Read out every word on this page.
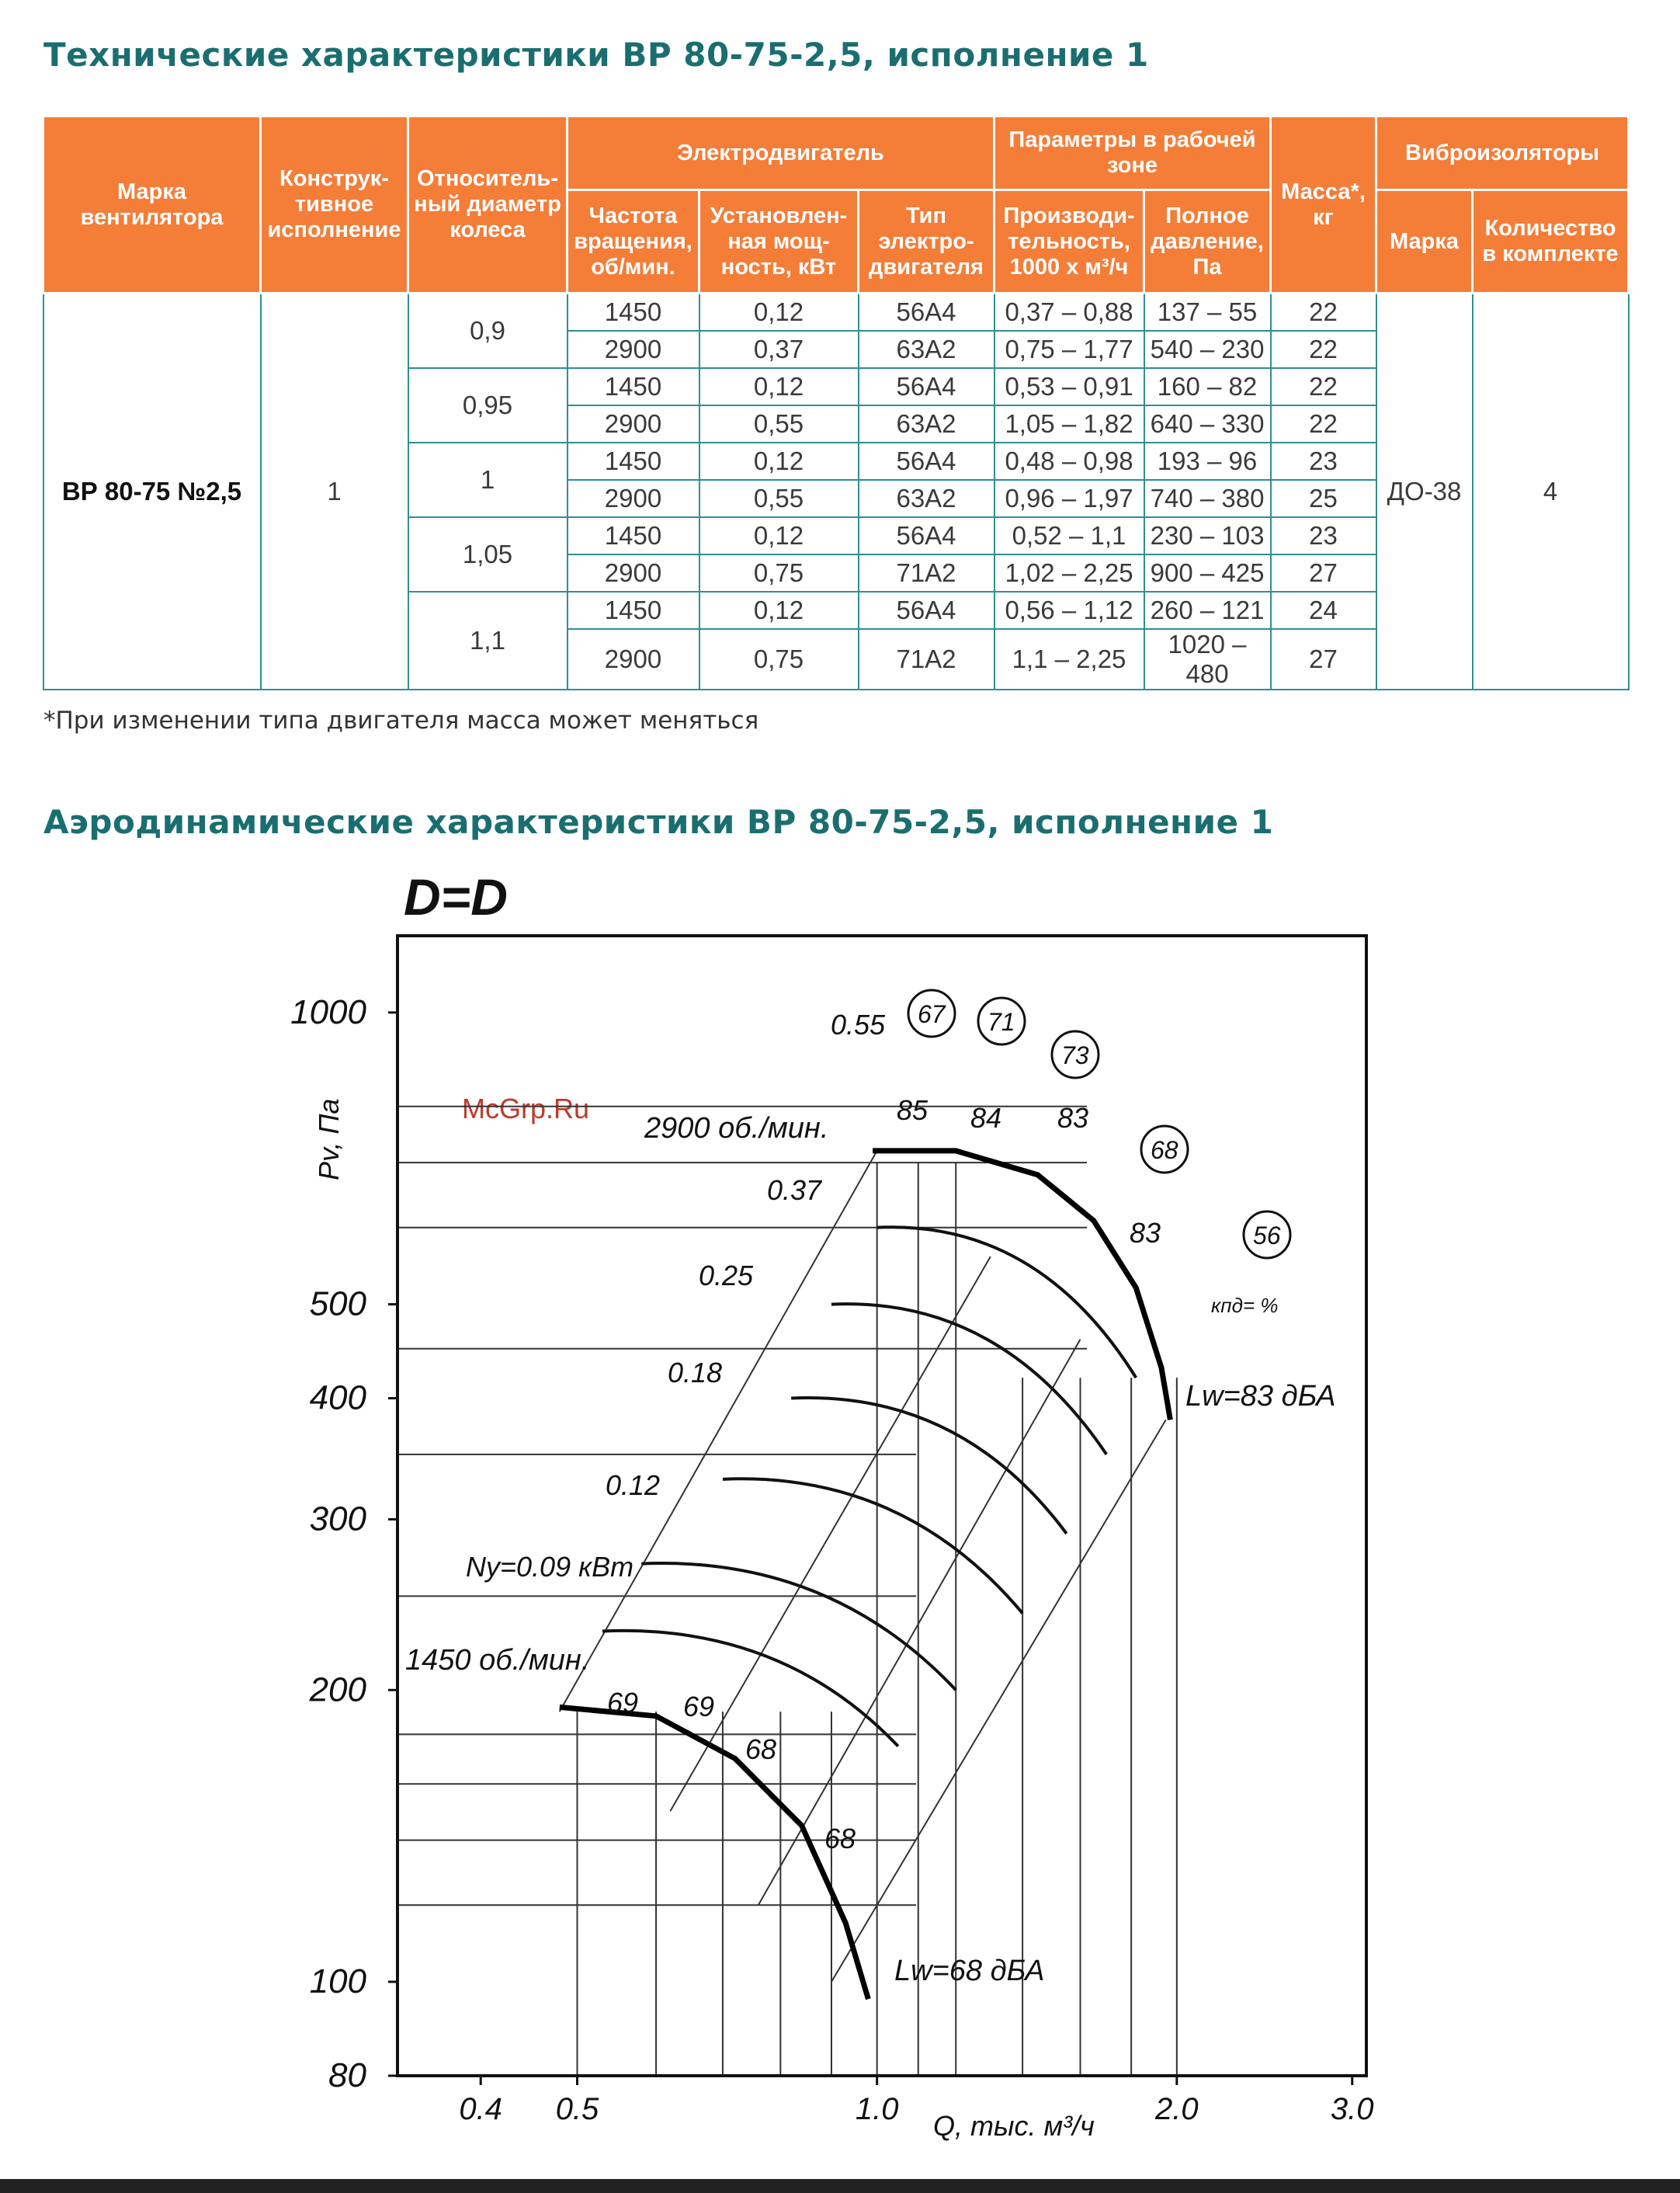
Технические характеристики ВР 80-75-2,5, исполнение 1
Марка вентилятора	Конструк-тивное исполнение	Относитель-ный диаметр колеса	Электродвигатель			Параметры в рабочей зоне		Масса*, кг	Виброизоляторы	
			Частота вращения, об/мин.	Установлен-ная мощ-ность, кВт	Тип электро-двигателя	Производи-тельность, 1000 х м³/ч	Полное давление, Па		Марка	Количество в комплекте
ВР 80-75 №2,5	1	0,9	1450	0,12	56А4	0,37 – 0,88	137 – 55	22	ДО-38	4
			2900	0,37	63А2	0,75 – 1,77	540 – 230	22		
		0,95	1450	0,12	56А4	0,53 – 0,91	160 – 82	22		
			2900	0,55	63А2	1,05 – 1,82	640 – 330	22		
		1	1450	0,12	56А4	0,48 – 0,98	193 – 96	23		
			2900	0,55	63А2	0,96 – 1,97	740 – 380	25		
		1,05	1450	0,12	56А4	0,52 – 1,1	230 – 103	23		
			2900	0,75	71А2	1,02 – 2,25	900 – 425	27		
		1,1	1450	0,12	56А4	0,56 – 1,12	260 – 121	24		
			2900	0,75	71А2	1,1 – 2,25	1020 – 480	27		
*При изменении типа двигателя масса может меняться
Аэродинамические характеристики ВР 80-75-2,5, исполнение 1
D=D
McGrp.Ru
80
100
200
300
400
500
1000
0.4 0.5	1.0	2.0	3.0
2900 об./мин.
1450 об./мин.
0.55
0.37
0.25
0.18
0.12
Ny=0.09 кВт
67 71
73
68
56
кпд= %
85 84 83
83
69 69
68
68
Lw=83 дБА
Lw=68 дБА
Q, тыс. м³/ч
Pv, Па
